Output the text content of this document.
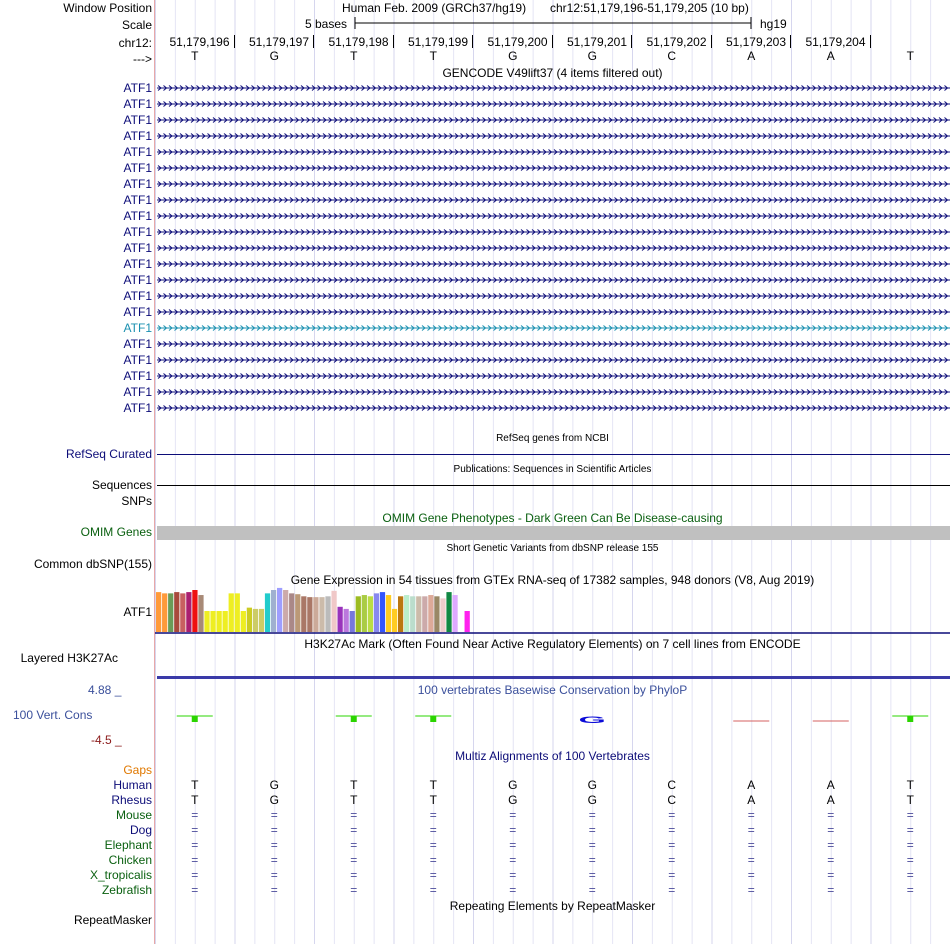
Window Position	Human Feb. 2009 (GRCh37/hg19) chr12:51,179,196-51,179,205 (10 bp)
Scale	5 bases	hg19
chr12:	51,179,196	51,179,197	51,179,198	51,179,199	51,179,200	51,179,201	51,179,202	51,179,203	51,179,204
--->	T	G	T	T	G	G	C	A	A	T
GENCODE V49lift37 (4 items filtered out)
ATF1
ATF1
ATF1
ATF1
ATF1
ATF1
ATF1
ATF1
ATF1
ATF1
ATF1
ATF1
ATF1
ATF1
ATF1
ATF1
ATF1
ATF1
ATF1
ATF1
ATF1
RefSeq genes from NCBI
RefSeq Curated
Publications: Sequences in Scientific Articles
Sequences
SNPs
OMIM Gene Phenotypes - Dark Green Can Be Disease-causing
OMIM Genes
Short Genetic Variants from dbSNP release 155
Common dbSNP(155)
Gene Expression in 54 tissues from GTEx RNA-seq of 17382 samples, 948 donors (V8, Aug 2019)
ATF1
H3K27Ac Mark (Often Found Near Active Regulatory Elements) on 7 cell lines from ENCODE
Layered H3K27Ac
4.88 _	100 vertebrates Basewise Conservation by PhyloP
100 Vert. Cons
-4.5 _
G
Multiz Alignments of 100 Vertebrates
Gaps
Human	T	G	T	T	G	G	C	A	A	T
Rhesus	T	G	T	T	G	G	C	A	A	T
Mouse	=	=	=	=	=	=	=	=	=	=
Dog	=	=	=	=	=	=	=	=	=	=
Elephant	=	=	=	=	=	=	=	=	=	=
Chicken	=	=	=	=	=	=	=	=	=	=
X_tropicalis	=	=	=	=	=	=	=	=	=	=
Zebrafish	=	=	=	=	=	=	=	=	=	=
Repeating Elements by RepeatMasker
RepeatMasker
